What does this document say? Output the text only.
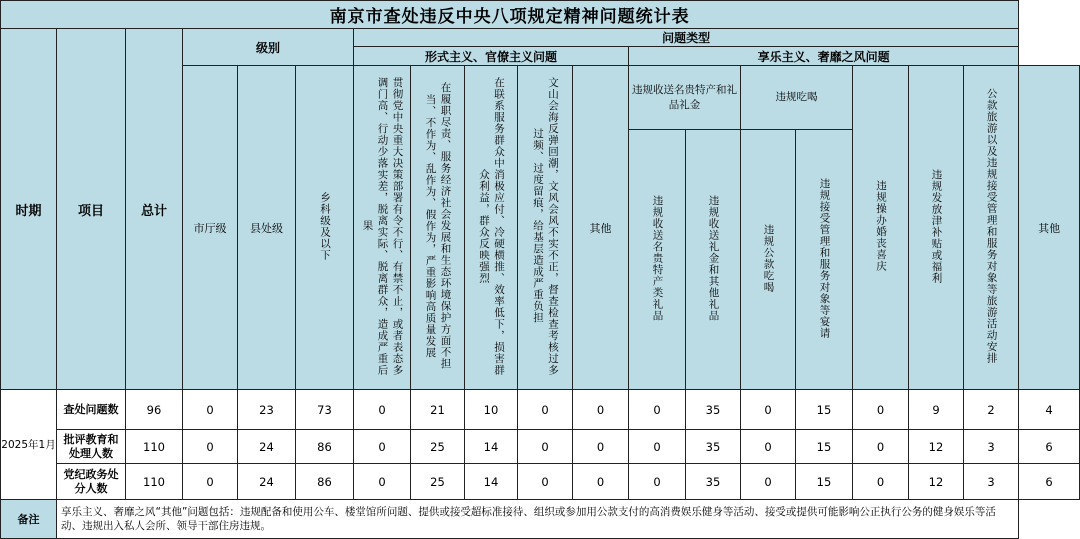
南京市查处违反中央八项规定精神问题统计表																		
时期	项目	总计	级别			问题类型												
						形式主义、官僚主义问题					享乐主义、奢靡之风问题							
			市厅级	县处级	乡科级及以下	贯彻党中央重大决策部署有令不行、有禁不止，或者表态多调门高、行动少落实差，脱离实际、脱离群众，造成严重后果	在履职尽责、服务经济社会发展和生态环境保护方面不担当、不作为、乱作为、假作为，严重影响高质量发展	在联系服务群众中消极应付、冷硬横推、效率低下，损害群众利益，群众反映强烈	文山会海反弹回潮，文风会风不实不正，督查检查考核过多过频、过度留痕，给基层造成严重负担	其他	违规收送名贵特产和礼品礼金		违规吃喝		违规操办婚丧喜庆	违规发放津补贴或福利	公款旅游以及违规接受管理和服务对象等旅游活动安排	其他
											违规收送名贵特产类礼品	违规收送礼金和其他礼品	违规公款吃喝	违规接受管理和服务对象等宴请				

2025年1月	查处问题数	96	0	23	73	0	21	10	0	0	0	35	0	15	0	9	2	4

	批评教育和处理人数	110	0	24	86	0	25	14	0	0	0	35	0	15	0	12	3	6

	党纪政务处分人数	110	0	24	86	0	25	14	0	0	0	35	0	15	0	12	3	6
备注	享乐主义、奢靡之风“其他”问题包括：违规配备和使用公车、楼堂馆所问题、提供或接受超标准接待、组织或参加用公款支付的高消费娱乐健身等活动、接受或提供可能影响公正执行公务的健身娱乐等活动、违规出入私人会所、领导干部住房违规。																	
